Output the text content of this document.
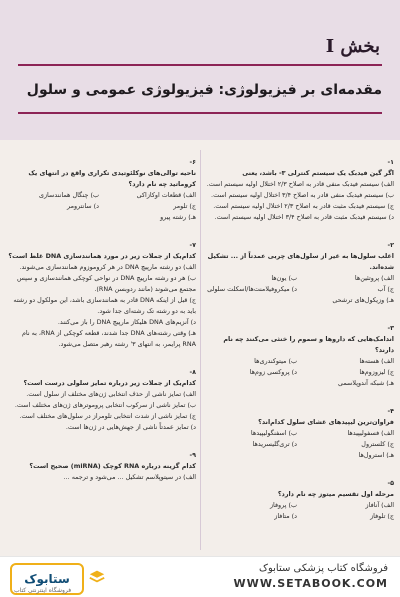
بخش I
مقدمه‌ای بر فیزیولوژی: فیزیولوژی عمومی و سلول

۱-
اگر گین فیدبک یک سیستم کنترلی ۳- باشد، یعنی

الف) سیستم فیدبک منفی قادر به اصلاح ۲/۳ اختلال اولیه سیستم است.
ب) سیستم فیدبک منفی قادر به اصلاح ۳/۴ اختلال اولیه سیستم است.
ج) سیستم فیدبک مثبت قادر به اصلاح ۲/۳ اختلال اولیه سیستم است.
د) سیستم فیدبک مثبت قادر به اصلاح ۳/۴ اختلال اولیه سیستم است.

۲-
اغلب سلول‌ها به غیر از سلول‌های چربی عمدتاً از ... تشکیل شده‌اند.

الف) پروتئین‌ها
ب) یون‌ها
ج) آب
د) میکروفیلامنت‌ها/اسکلت سلولی
هـ) وزیکول‌های ترشحی

۳-
اندامک‌هایی که داروها و سموم را خنثی می‌کنند چه نام دارند؟

الف) هسته‌ها
ب) میتوکندری‌ها
ج) لیزوزوم‌ها
د) پروکسی زوم‌ها
هـ) شبکه آندوپلاسمی

۴-
فراوان‌ترین لیپیدهای غشای سلول کدام‌اند؟

الف) فسفولیپیدها
ب) اسفنگولیپیدها
ج) کلسترول
د) تری‌گلیسریدها
هـ) استرول‌ها

۵-
مرحله اول تقسیم میتوز چه نام دارد؟

الف) آنافاز
ب) پروفاز
ج) تلوفاز
د) متافاز

۶-
ناحیه توالی‌های نوکلئوتیدی تکراری واقع در انتهای یک کروماتید چه نام دارد؟

الف) قطعات اوکازاکی
ب) چنگال همانندسازی
ج) تلومر
د) سانترومر
هـ) رشته پیرو

۷-
کدام‌یک از جملات زیر در مورد همانندسازی DNA غلط است؟

الف) دو رشته مارپیچ DNA در هر کروموزوم همانندسازی می‌شوند.
ب) هر دو رشته مارپیچ DNA در نواحی کوچکی همانندسازی و سپس مجتمع می‌شوند (مانند ردوبسن RNA).
ج) قبل از اینکه DNA قادر به همانندسازی باشد، این مولکول دو رشته باید به دو رشته تک رشته‌ای جدا شود.
د) آنزیم‌های DNA هلیکاز مارپیچ DNA را باز می‌کنند.
هـ) وقتی رشته‌های DNA جدا شدند، قطعه کوچکی از RNA، به نام RNA پرایمر، به انتهای ۳' رشته رهبر متصل می‌شود.

۸-
کدام‌یک از جملات زیر درباره تمایز سلولی درست است؟

الف) تمایز ناشی از حذف انتخابی ژن‌های مختلف از سلول است.
ب) تمایز ناشی از سرکوب انتخابی پروموترهای ژن‌های مختلف است.
ج) تمایز ناشی از شدت انتخابی تلومراز در سلول‌های مختلف است.
د) تمایز عمدتاً ناشی از جهش‌هایی در ژن‌ها است.

۹-
کدام گزینه درباره RNA کوچک (miRNA) صحیح است؟

الف) در سیتوپلاسم تشکیل ... می‌شود و ترجمه ...
ستابوک
فروشگاه اینترنتی کتاب
فروشگاه کتاب پزشکی ستابوک
WWW.SETABOOK.COM
